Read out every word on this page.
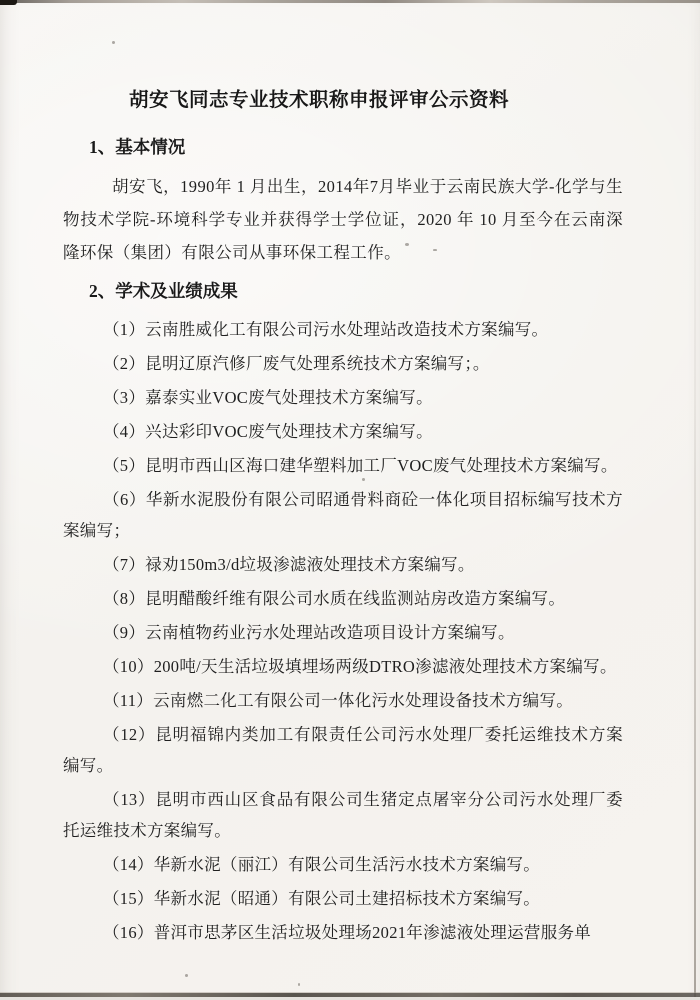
胡安飞同志专业技术职称申报评审公示资料
1、基本情况

胡安飞，1990年 1 月出生，2014年7月毕业于云南民族大学-化学与生物技术学院-环境科学专业并获得学士学位证，2020 年 10 月至今在云南深隆环保（集团）有限公司从事环保工程工作。

2、学术及业绩成果

（1）云南胜威化工有限公司污水处理站改造技术方案编写。

（2）昆明辽原汽修厂废气处理系统技术方案编写；。

（3）嘉泰实业VOC废气处理技术方案编写。

（4）兴达彩印VOC废气处理技术方案编写。

（5）昆明市西山区海口建华塑料加工厂VOC废气处理技术方案编写。

（6）华新水泥股份有限公司昭通骨料商砼一体化项目招标编写技术方案编写；

（7）禄劝150m3/d垃圾渗滤液处理技术方案编写。

（8）昆明醋酸纤维有限公司水质在线监测站房改造方案编写。

（9）云南植物药业污水处理站改造项目设计方案编写。

（10）200吨/天生活垃圾填埋场两级DTRO渗滤液处理技术方案编写。

（11）云南燃二化工有限公司一体化污水处理设备技术方编写。

（12）昆明福锦内类加工有限责任公司污水处理厂委托运维技术方案编写。

（13）昆明市西山区食品有限公司生猪定点屠宰分公司污水处理厂委托运维技术方案编写。

（14）华新水泥（丽江）有限公司生活污水技术方案编写。

（15）华新水泥（昭通）有限公司土建招标技术方案编写。

（16）普洱市思茅区生活垃圾处理场2021年渗滤液处理运营服务单
